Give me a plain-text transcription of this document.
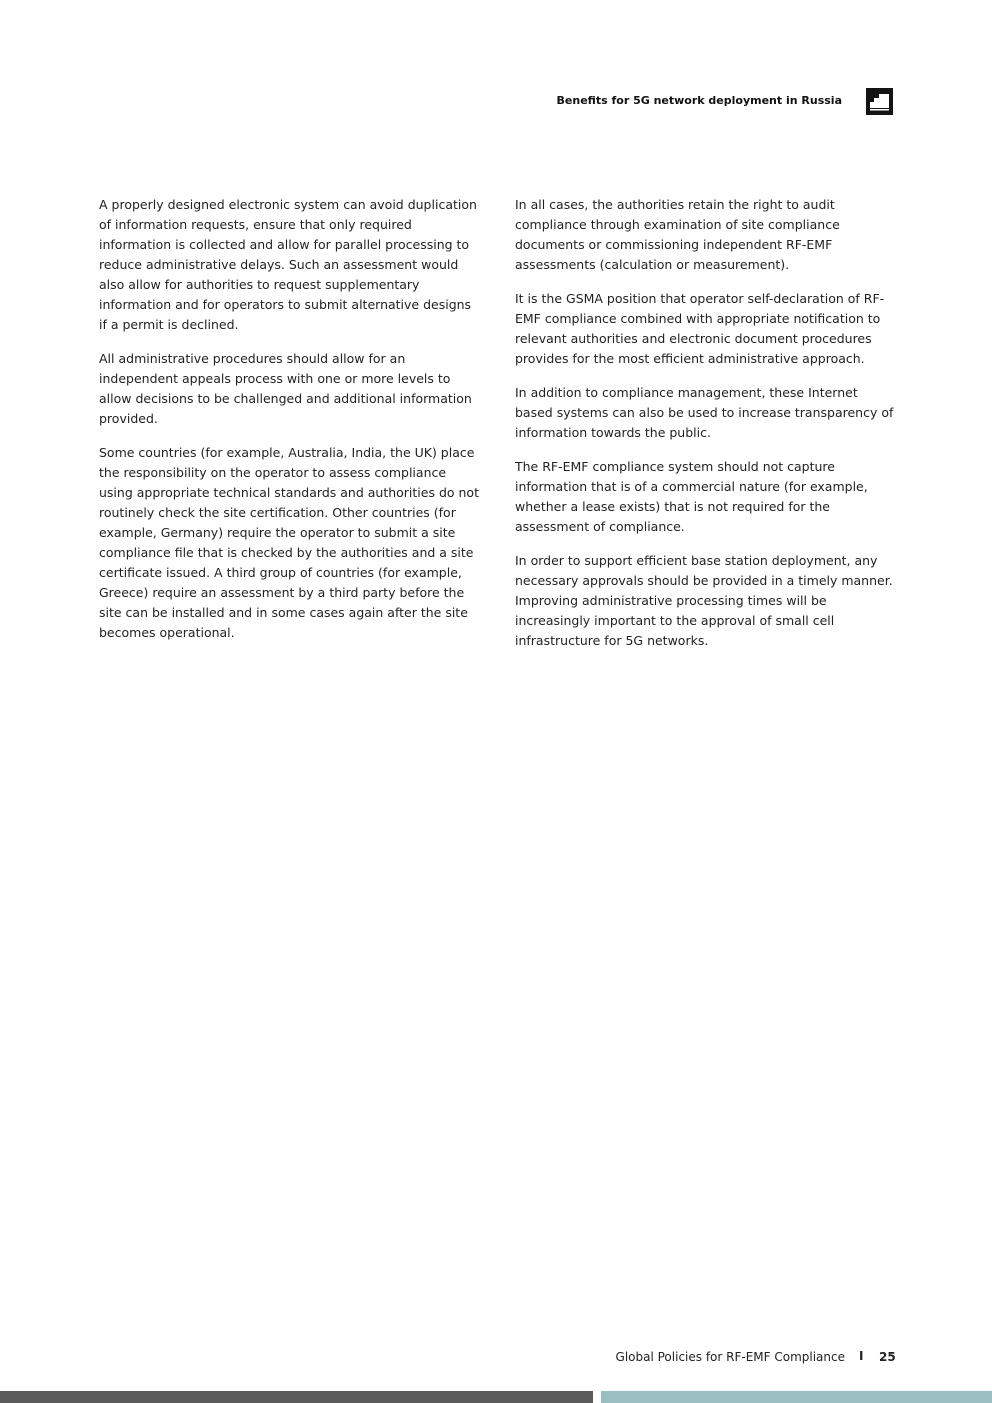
Benefits for 5G network deployment in Russia

A properly designed electronic system can avoid duplication of information requests, ensure that only required information is collected and allow for parallel processing to reduce administrative delays. Such an assessment would also allow for authorities to request supplementary information and for operators to submit alternative designs if a permit is declined.

All administrative procedures should allow for an independent appeals process with one or more levels to allow decisions to be challenged and additional information provided.

Some countries (for example, Australia, India, the UK) place the responsibility on the operator to assess compliance using appropriate technical standards and authorities do not routinely check the site certification. Other countries (for example, Germany) require the operator to submit a site compliance file that is checked by the authorities and a site certificate issued. A third group of countries (for example, Greece) require an assessment by a third party before the site can be installed and in some cases again after the site becomes operational.

In all cases, the authorities retain the right to audit compliance through examination of site compliance documents or commissioning independent RF-EMF assessments (calculation or measurement).

It is the GSMA position that operator self-declaration of RF-EMF compliance combined with appropriate notification to relevant authorities and electronic document procedures provides for the most efficient administrative approach.

In addition to compliance management, these Internet based systems can also be used to increase transparency of information towards the public.

The RF-EMF compliance system should not capture information that is of a commercial nature (for example, whether a lease exists) that is not required for the assessment of compliance.

In order to support efficient base station deployment, any necessary approvals should be provided in a timely manner. Improving administrative processing times will be increasingly important to the approval of small cell infrastructure for 5G networks.

Global Policies for RF-EMF Compliance I 25
